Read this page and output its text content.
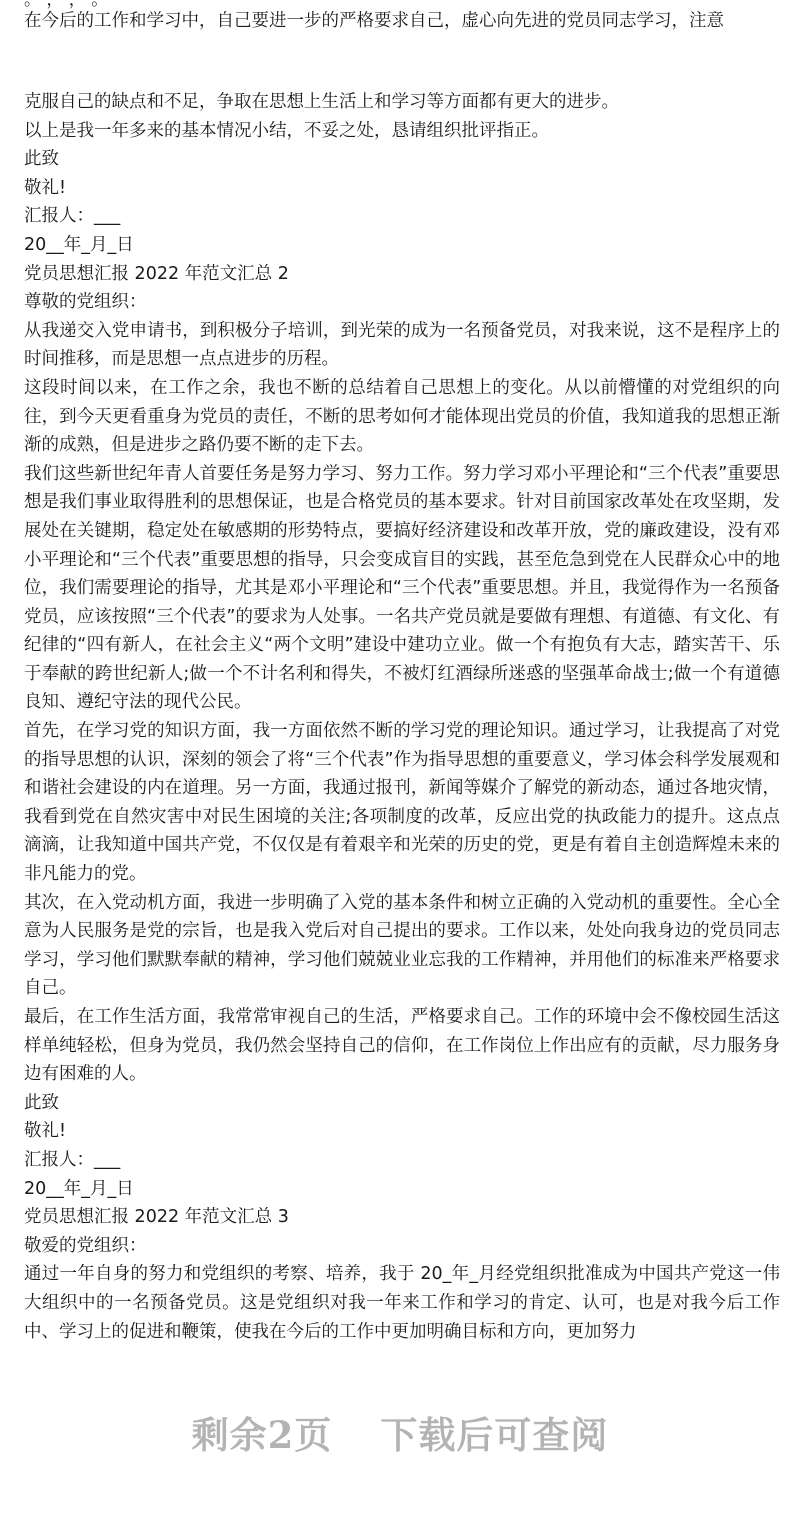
。 ， ， 。
在今后的工作和学习中，自己要进一步的严格要求自己，虚心向先进的党员同志学习，注意

克服自己的缺点和不足，争取在思想上生活上和学习等方面都有更大的进步。

以上是我一年多来的基本情况小结，不妥之处，恳请组织批评指正。

此致

敬礼!

汇报人：___

20__年_月_日

党员思想汇报 2022 年范文汇总 2

尊敬的党组织：

从我递交入党申请书，到积极分子培训，到光荣的成为一名预备党员，对我来说，这不是程序上的时间推移，而是思想一点点进步的历程。

这段时间以来，在工作之余，我也不断的总结着自己思想上的变化。从以前懵懂的对党组织的向往，到今天更看重身为党员的责任，不断的思考如何才能体现出党员的价值，我知道我的思想正渐渐的成熟，但是进步之路仍要不断的走下去。

我们这些新世纪年青人首要任务是努力学习、努力工作。努力学习邓小平理论和“三个代表”重要思想是我们事业取得胜利的思想保证，也是合格党员的基本要求。针对目前国家改革处在攻坚期，发展处在关键期，稳定处在敏感期的形势特点，要搞好经济建设和改革开放，党的廉政建设，没有邓小平理论和“三个代表”重要思想的指导，只会变成盲目的实践，甚至危急到党在人民群众心中的地位，我们需要理论的指导，尤其是邓小平理论和“三个代表”重要思想。并且，我觉得作为一名预备党员，应该按照“三个代表”的要求为人处事。一名共产党员就是要做有理想、有道德、有文化、有纪律的“四有新人，在社会主义“两个文明”建设中建功立业。做一个有抱负有大志，踏实苦干、乐于奉献的跨世纪新人;做一个不计名利和得失，不被灯红酒绿所迷惑的坚强革命战士;做一个有道德良知、遵纪守法的现代公民。

首先，在学习党的知识方面，我一方面依然不断的学习党的理论知识。通过学习，让我提高了对党的指导思想的认识，深刻的领会了将“三个代表”作为指导思想的重要意义，学习体会科学发展观和和谐社会建设的内在道理。另一方面，我通过报刊，新闻等媒介了解党的新动态，通过各地灾情，我看到党在自然灾害中对民生困境的关注;各项制度的改革，反应出党的执政能力的提升。这点点滴滴，让我知道中国共产党，不仅仅是有着艰辛和光荣的历史的党，更是有着自主创造辉煌未来的非凡能力的党。

其次，在入党动机方面，我进一步明确了入党的基本条件和树立正确的入党动机的重要性。全心全意为人民服务是党的宗旨，也是我入党后对自己提出的要求。工作以来，处处向我身边的党员同志学习，学习他们默默奉献的精神，学习他们兢兢业业忘我的工作精神，并用他们的标准来严格要求自己。

最后，在工作生活方面，我常常审视自己的生活，严格要求自己。工作的环境中会不像校园生活这样单纯轻松，但身为党员，我仍然会坚持自己的信仰，在工作岗位上作出应有的贡献，尽力服务身边有困难的人。

此致

敬礼!

汇报人：___

20__年_月_日

党员思想汇报 2022 年范文汇总 3

敬爱的党组织：

通过一年自身的努力和党组织的考察、培养，我于 20_年_月经党组织批准成为中国共产党这一伟大组织中的一名预备党员。这是党组织对我一年来工作和学习的肯定、认可，也是对我今后工作中、学习上的促进和鞭策，使我在今后的工作中更加明确目标和方向，更加努力

剩余2页 下载后可查阅
